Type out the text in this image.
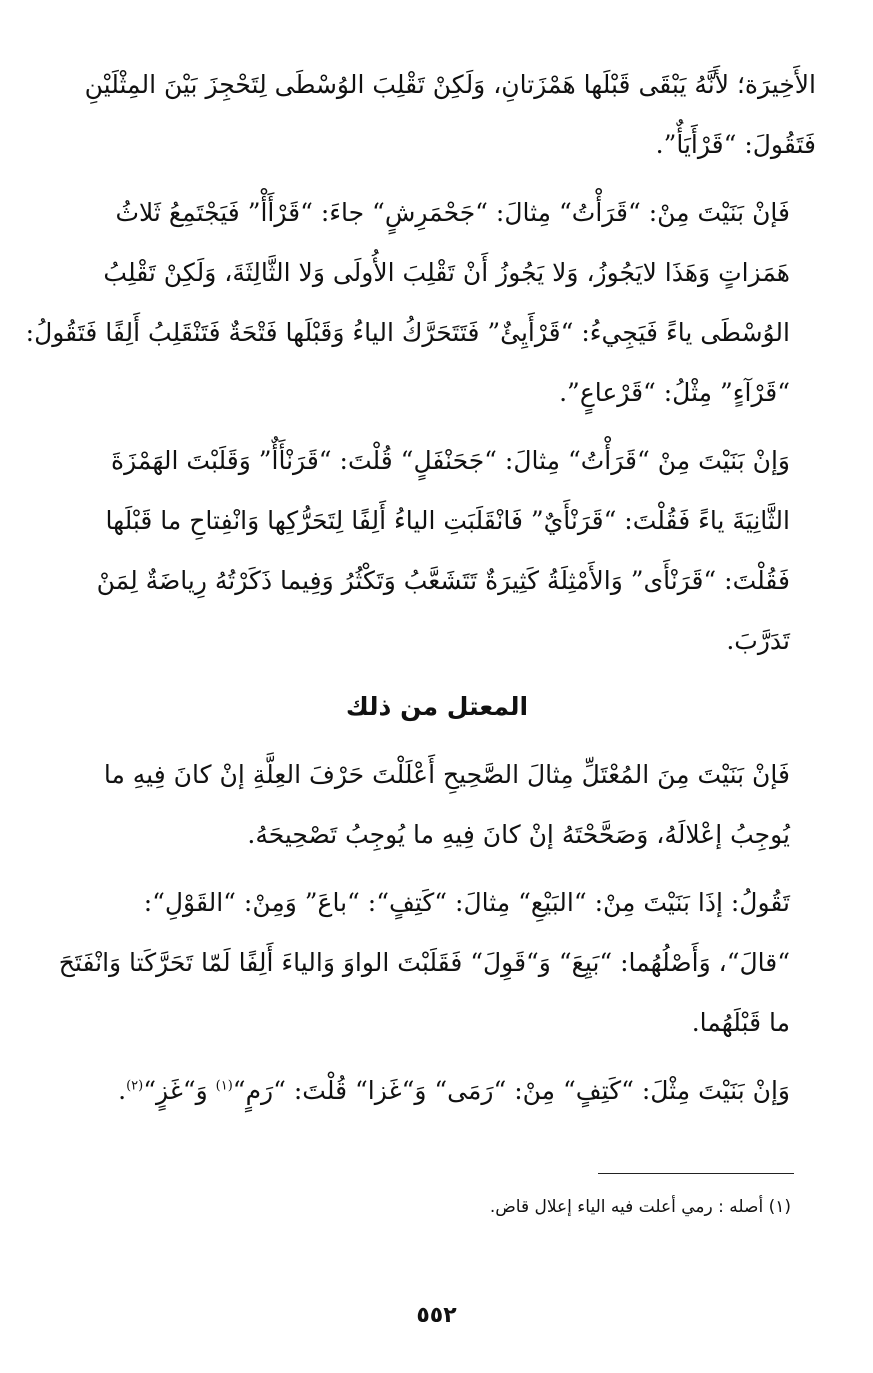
الأَخِيرَة؛ لأَنَّهُ يَبْقَى قَبْلَها هَمْزَتانِ، وَلَكِنْ تَقْلِبَ الوُسْطَى لِتَحْجِزَ بَيْنَ المِثْلَيْنِ
فَتَقُولَ: “قَرْأَيَأٌ”.

فَإنْ بَنَيْتَ مِنْ: “قَرَأْتُ“ مِثالَ: “جَحْمَرِشٍ“ جاءَ: “قَرْأَأْ” فَيَجْتَمِعُ ثَلاثُ
هَمَزاتٍ وَهَذَا لايَجُوزُ، وَلا يَجُوزُ أَنْ تَقْلِبَ الأُولَى وَلا الثَّالِثَةَ، وَلَكِنْ تَقْلِبُ
الوُسْطَى ياءً فَيَجِيءُ: “قَرْأَيِئٌ” فَتَتَحَرَّكُ الياءُ وَقَبْلَها فَتْحَةٌ فَتَنْقَلِبُ أَلِفًا فَتَقُولُ:
“قَرْآءٍ” مِثْلُ: “قَرْعاعٍ”.

وَإنْ بَنَيْتَ مِنْ “قَرَأْتُ“ مِثالَ: “جَحَنْفَلٍ“ قُلْتَ: “قَرَنْأَأٌ” وَقَلَبْتَ الهَمْزَةَ
الثَّانِيَةَ ياءً فَقُلْتَ: “قَرَنْأَيٌ” فَانْقَلَبَتِ الياءُ أَلِفًا لِتَحَرُّكِها وَانْفِتاحِ ما قَبْلَها
فَقُلْتَ: “قَرَنْأَى” وَالأَمْثِلَةُ كَثِيرَةٌ تَتَشَعَّبُ وَتَكْثُرُ وَفِيما ذَكَرْتُهُ رِياضَةٌ لِمَنْ
تَدَرَّبَ.

المعتل من ذلك

فَإنْ بَنَيْتَ مِنَ المُعْتَلِّ مِثالَ الصَّحِيحِ أَعْلَلْتَ حَرْفَ العِلَّةِ إنْ كانَ فِيهِ ما
يُوجِبُ إعْلالَهُ، وَصَحَّحْتَهُ إنْ كانَ فِيهِ ما يُوجِبُ تَصْحِيحَهُ.

تَقُولُ: إذَا بَنَيْتَ مِنْ: “البَيْعِ“ مِثالَ: “كَتِفٍ“: “باعَ” وَمِنْ: “القَوْلِ“:
“قالَ“، وَأَصْلُهُما: “بَيِعَ“ وَ“قَوِلَ“ فَقَلَبْتَ الواوَ وَالياءَ أَلِفًا لَمّا تَحَرَّكَتا وَانْفَتَحَ
ما قَبْلَهُما.

وَإنْ بَنَيْتَ مِثْلَ: “كَتِفٍ“ مِنْ: “رَمَى“ وَ“غَزا“ قُلْتَ: “رَمٍ“$^{(١)}$ وَ“غَزٍ“$^{(٢)}$.

(١) أصله : رمي أعلت فيه الياء إعلال قاض.
٥٥٢
